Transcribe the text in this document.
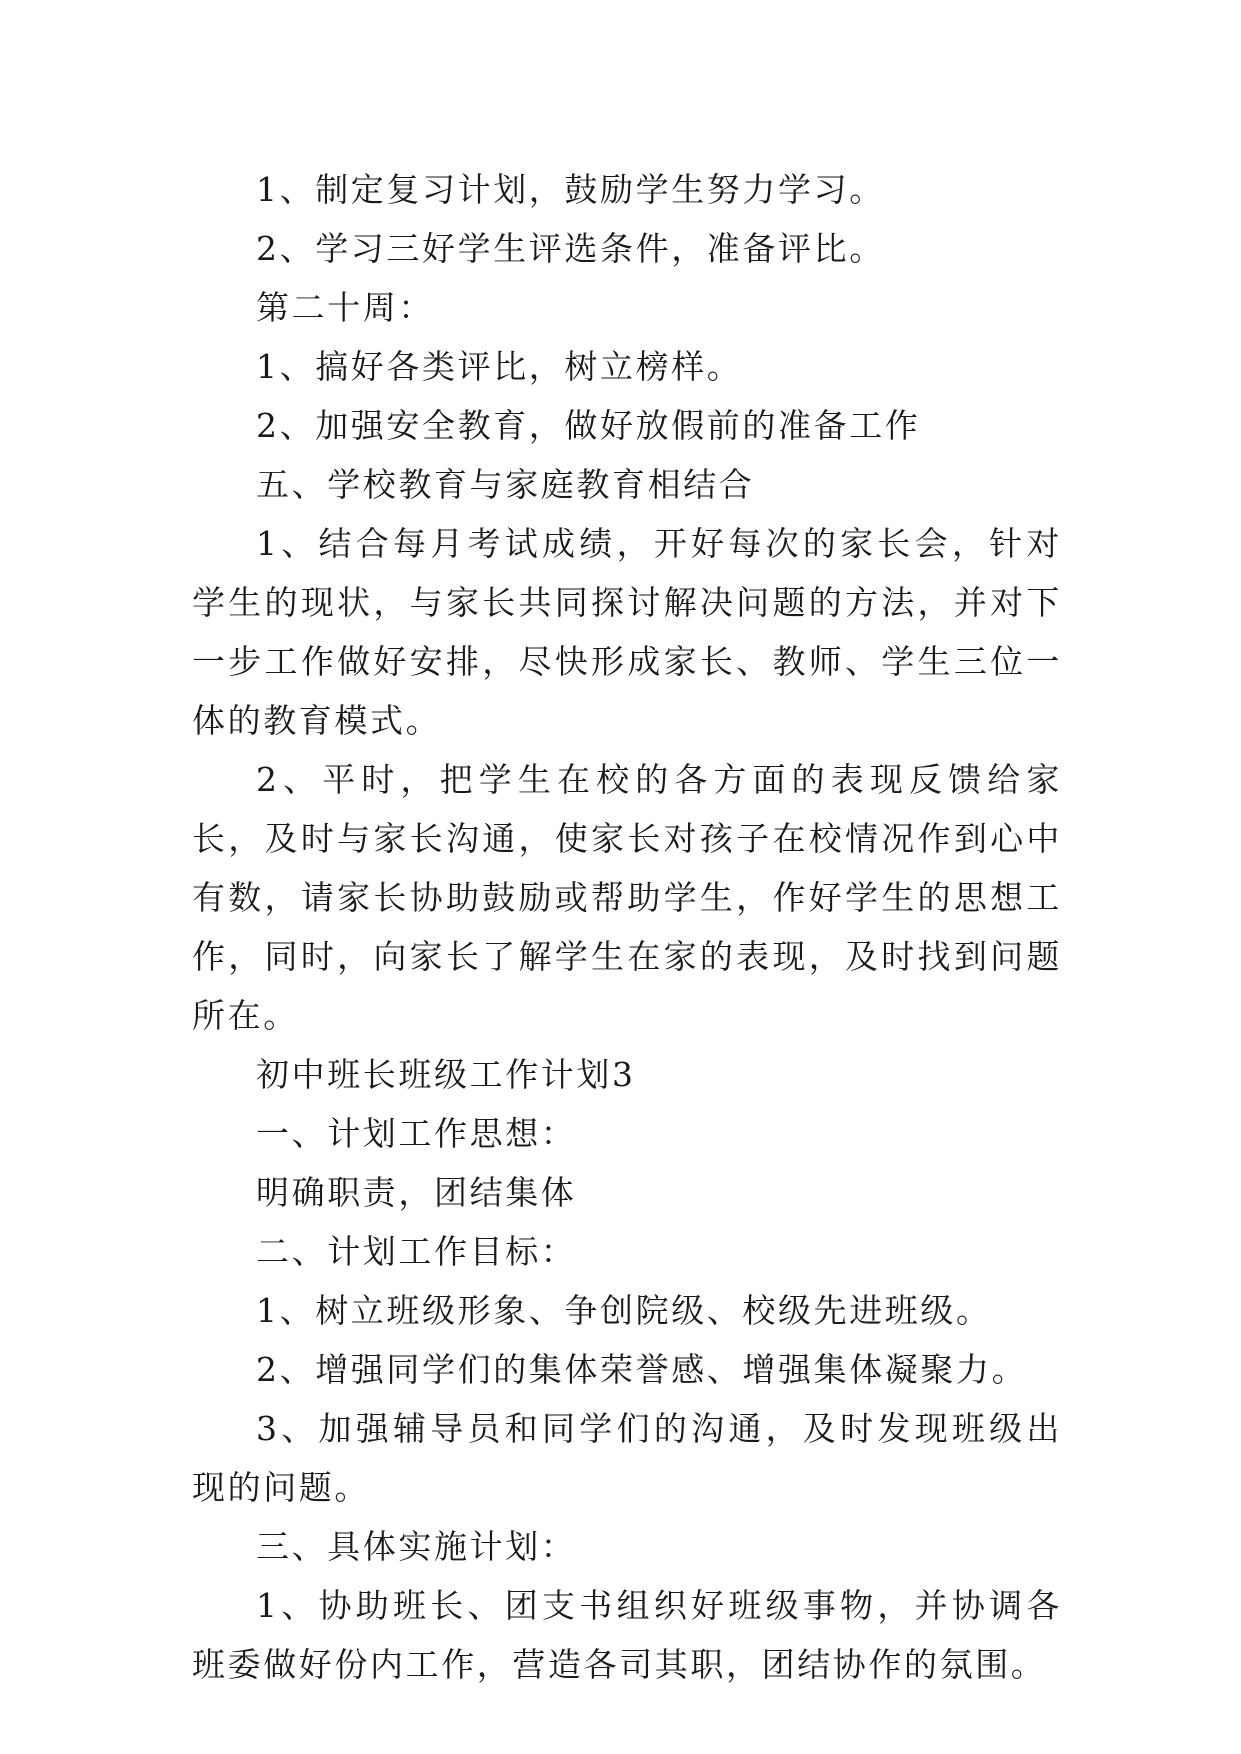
1、制定复习计划，鼓励学生努力学习。

2、学习三好学生评选条件，准备评比。

第二十周：

1、搞好各类评比，树立榜样。

2、加强安全教育，做好放假前的准备工作

五、学校教育与家庭教育相结合

1、结合每月考试成绩，开好每次的家长会，针对学生的现状，与家长共同探讨解决问题的方法，并对下一步工作做好安排，尽快形成家长、教师、学生三位一体的教育模式。

2、平时，把学生在校的各方面的表现反馈给家长，及时与家长沟通，使家长对孩子在校情况作到心中有数，请家长协助鼓励或帮助学生，作好学生的思想工作，同时，向家长了解学生在家的表现，及时找到问题所在。

初中班长班级工作计划3

一、计划工作思想：

明确职责，团结集体

二、计划工作目标：

1、树立班级形象、争创院级、校级先进班级。

2、增强同学们的集体荣誉感、增强集体凝聚力。

3、加强辅导员和同学们的沟通，及时发现班级出现的问题。

三、具体实施计划：

1、协助班长、团支书组织好班级事物，并协调各班委做好份内工作，营造各司其职，团结协作的氛围。
